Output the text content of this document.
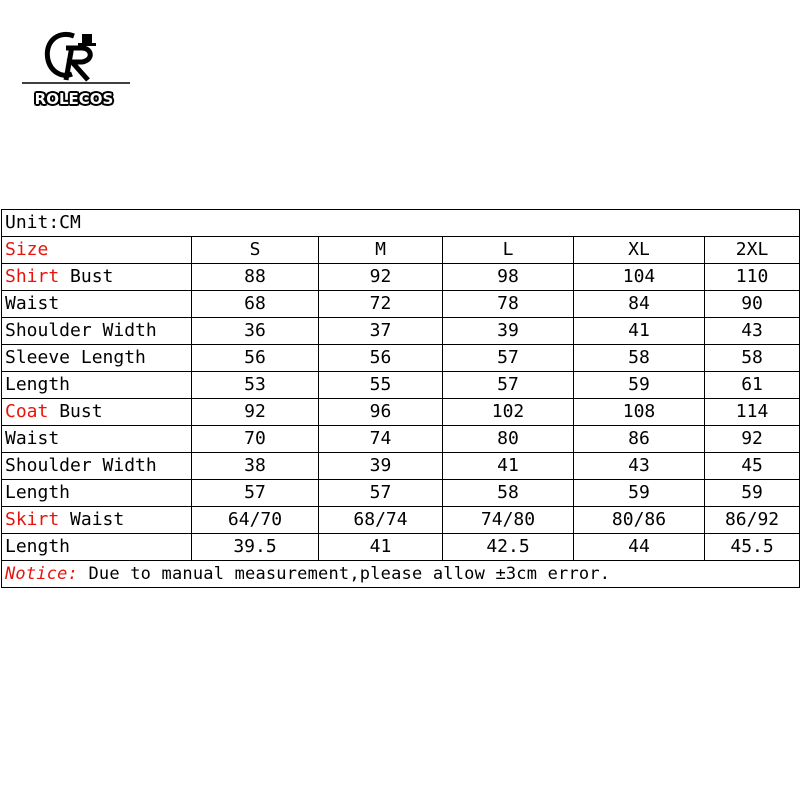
ROLECOS
Unit:CM					
Size	S	M	L	XL	2XL
Shirt Bust	88	92	98	104	110
Waist	68	72	78	84	90
Shoulder Width	36	37	39	41	43
Sleeve Length	56	56	57	58	58
Length	53	55	57	59	61
Coat Bust	92	96	102	108	114
Waist	70	74	80	86	92
Shoulder Width	38	39	41	43	45
Length	57	57	58	59	59
Skirt Waist	64/70	68/74	74/80	80/86	86/92
Length	39.5	41	42.5	44	45.5
Notice: Due to manual measurement,please allow ±3cm error.					
